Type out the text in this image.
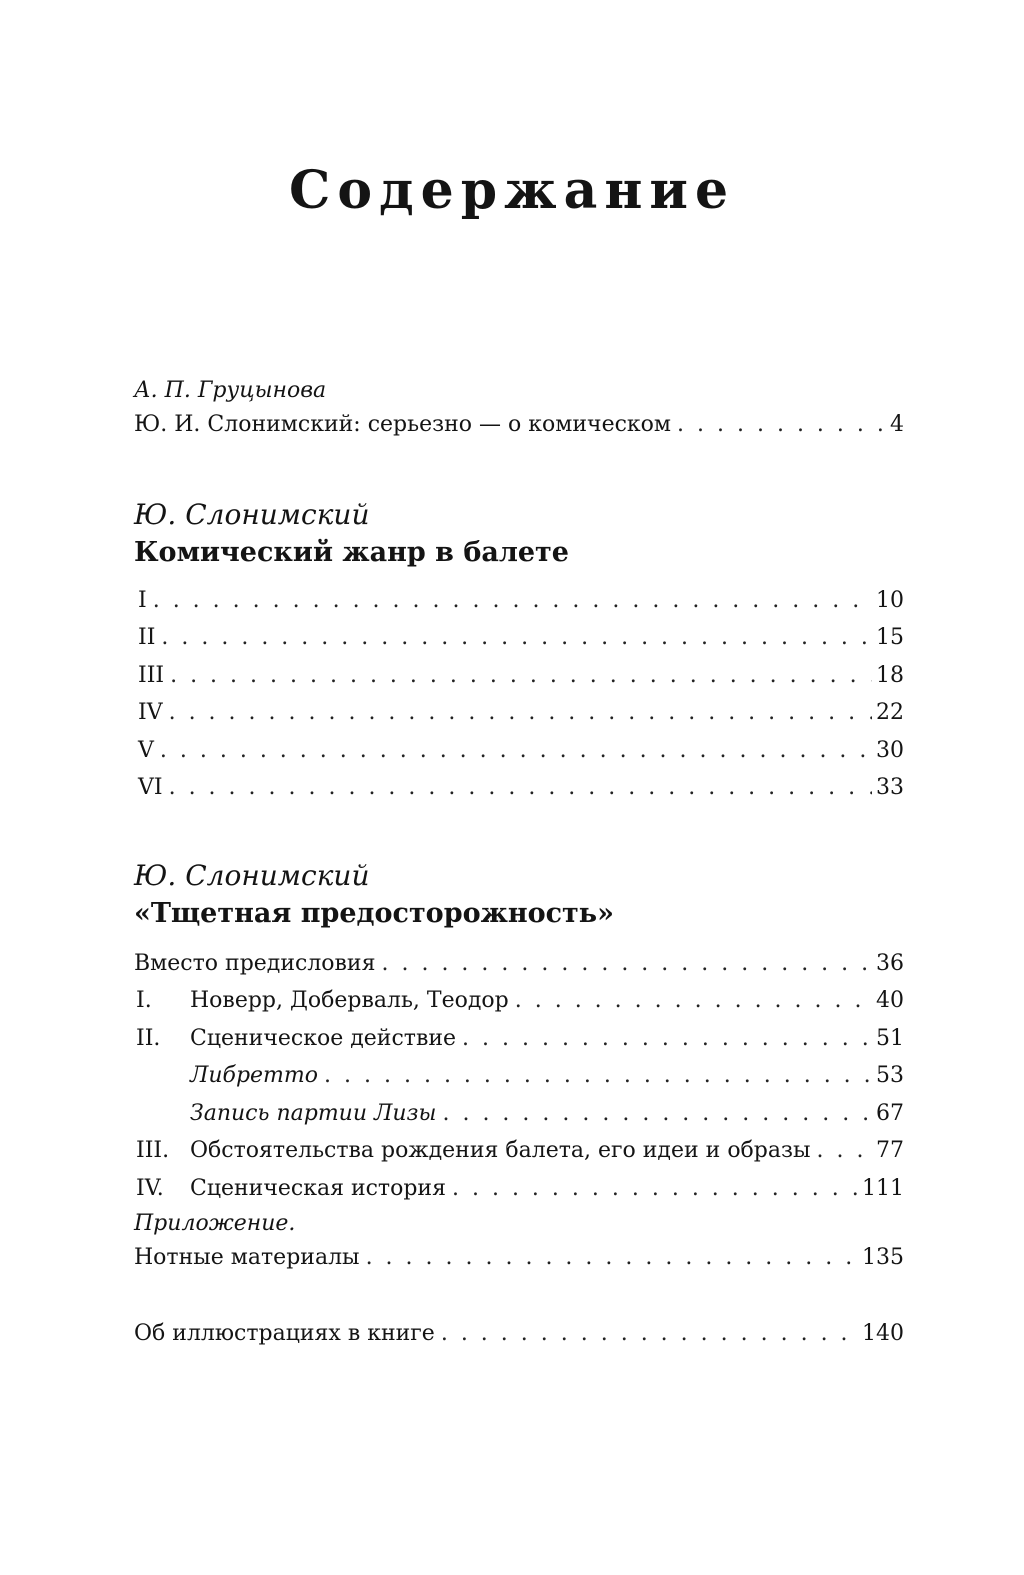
Содержание
А. П. Груцынова
Ю. И. Слонимский: серьезно — о комическом . . .	4
Ю. Слонимский
Комический жанр в балете
I . . .	10
II . . .	15
III . . .	18
IV . . .	22
V . . .	30
VI . . .	33
Ю. Слонимский
«Тщетная предосторожность»
Вместо предисловия . . .	36
I.	Новерр, Доберваль, Теодор . . .	40
II.	Сценическое действие . . .	51
Либретто . . .	53
Запись партии Лизы . . .	67
III. Обстоятельства рождения балета, его идеи и образы . . .	77
IV.	Сценическая история . . .	111
Приложение.
Нотные материалы . . .	135
Об иллюстрациях в книге . . .	140
